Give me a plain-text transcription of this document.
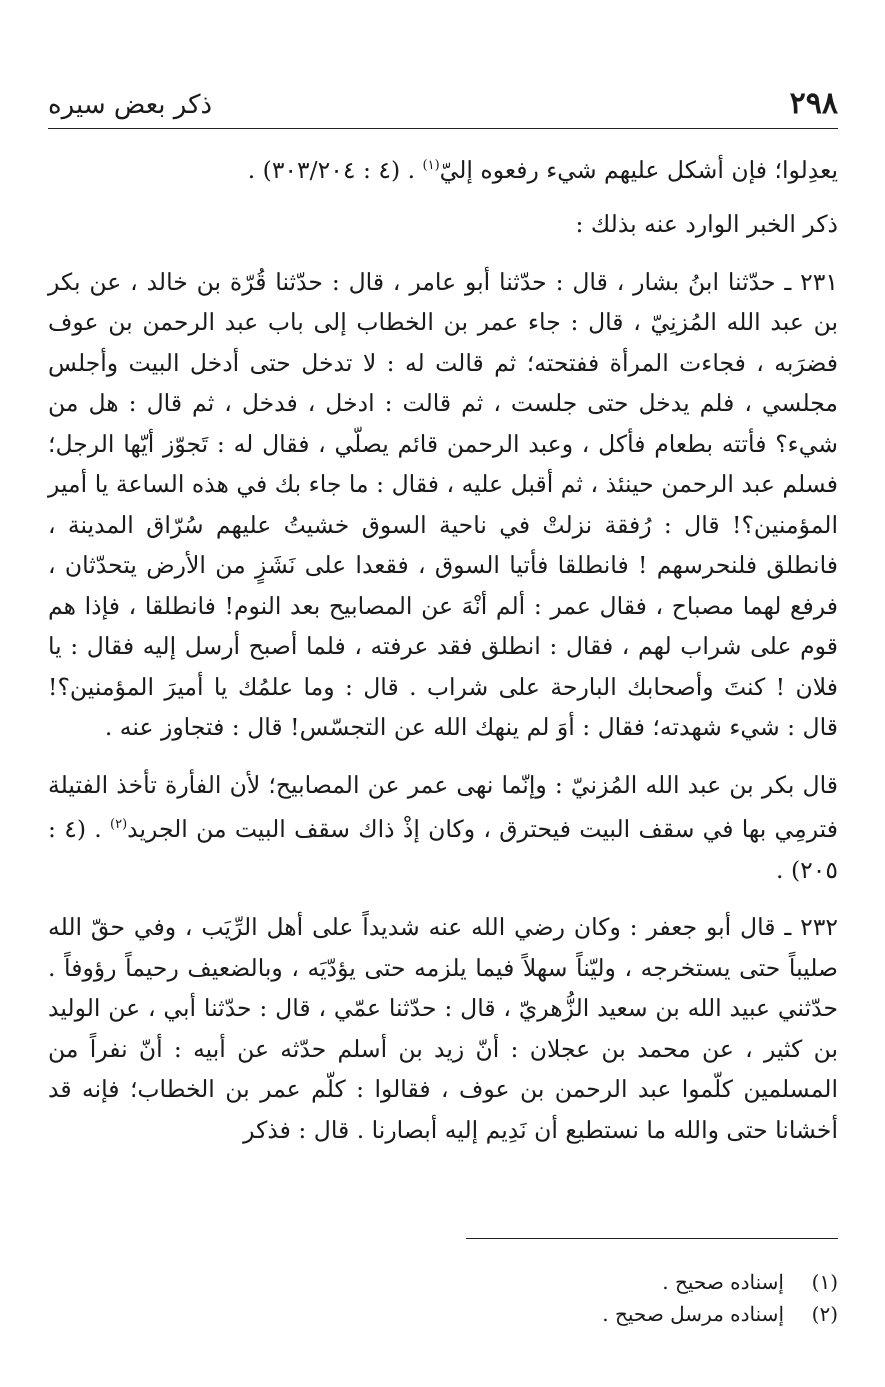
٢٩٨
ذكر بعض سيره

يعدِلوا؛ فإن أشكل عليهم شيء رفعوه إليّ$^{(١)}$ . (٤ : ٣٠٣/٢٠٤) .

ذكر الخبر الوارد عنه بذلك :

٢٣١ ـ حدّثنا ابنُ بشار ، قال : حدّثنا أبو عامر ، قال : حدّثنا قُرّة بن خالد ، عن بكر بن عبد الله المُزنِيّ ، قال : جاء عمر بن الخطاب إلى باب عبد الرحمن بن عوف فضرَبه ، فجاءت المرأة ففتحته؛ ثم قالت له : لا تدخل حتى أدخل البيت وأجلس مجلسي ، فلم يدخل حتى جلست ، ثم قالت : ادخل ، فدخل ، ثم قال : هل من شيء؟ فأتته بطعام فأكل ، وعبد الرحمن قائم يصلّي ، فقال له : تَجوّز أيّها الرجل؛ فسلم عبد الرحمن حينئذ ، ثم أقبل عليه ، فقال : ما جاء بك في هذه الساعة يا أمير المؤمنين؟! قال : رُفقة نزلتْ في ناحية السوق خشيتُ عليهم سُرّاق المدينة ، فانطلق فلنحرسهم ! فانطلقا فأتيا السوق ، فقعدا على نَشَزٍ من الأرض يتحدّثان ، فرفع لهما مصباح ، فقال عمر : ألم أنْهَ عن المصابيح بعد النوم! فانطلقا ، فإذا هم قوم على شراب لهم ، فقال : انطلق فقد عرفته ، فلما أصبح أرسل إليه فقال : يا فلان ! كنتَ وأصحابك البارحة على شراب . قال : وما علمُك يا أميرَ المؤمنين؟! قال : شيء شهدته؛ فقال : أوَ لم ينهك الله عن التجسّس! قال : فتجاوز عنه .

قال بكر بن عبد الله المُزنيّ : وإنّما نهى عمر عن المصابيح؛ لأن الفأرة تأخذ الفتيلة فترمِي بها في سقف البيت فيحترق ، وكان إذْ ذاك سقف البيت من الجريد$^{(٢)}$ . (٤ : ٢٠٥) .

٢٣٢ ـ قال أبو جعفر : وكان رضي الله عنه شديداً على أهل الرِّيَب ، وفي حقّ الله صليباً حتى يستخرجه ، وليّناً سهلاً فيما يلزمه حتى يؤدّيَه ، وبالضعيف رحيماً رؤوفاً . حدّثني عبيد الله بن سعيد الزُّهريّ ، قال : حدّثنا عمّي ، قال : حدّثنا أبي ، عن الوليد بن كثير ، عن محمد بن عجلان : أنّ زيد بن أسلم حدّثه عن أبيه : أنّ نفراً من المسلمين كلّموا عبد الرحمن بن عوف ، فقالوا : كلّم عمر بن الخطاب؛ فإنه قد أخشانا حتى والله ما نستطيع أن نَدِيم إليه أبصارنا . قال : فذكر

(١)
إسناده صحيح .
(٢)
إسناده مرسل صحيح .
